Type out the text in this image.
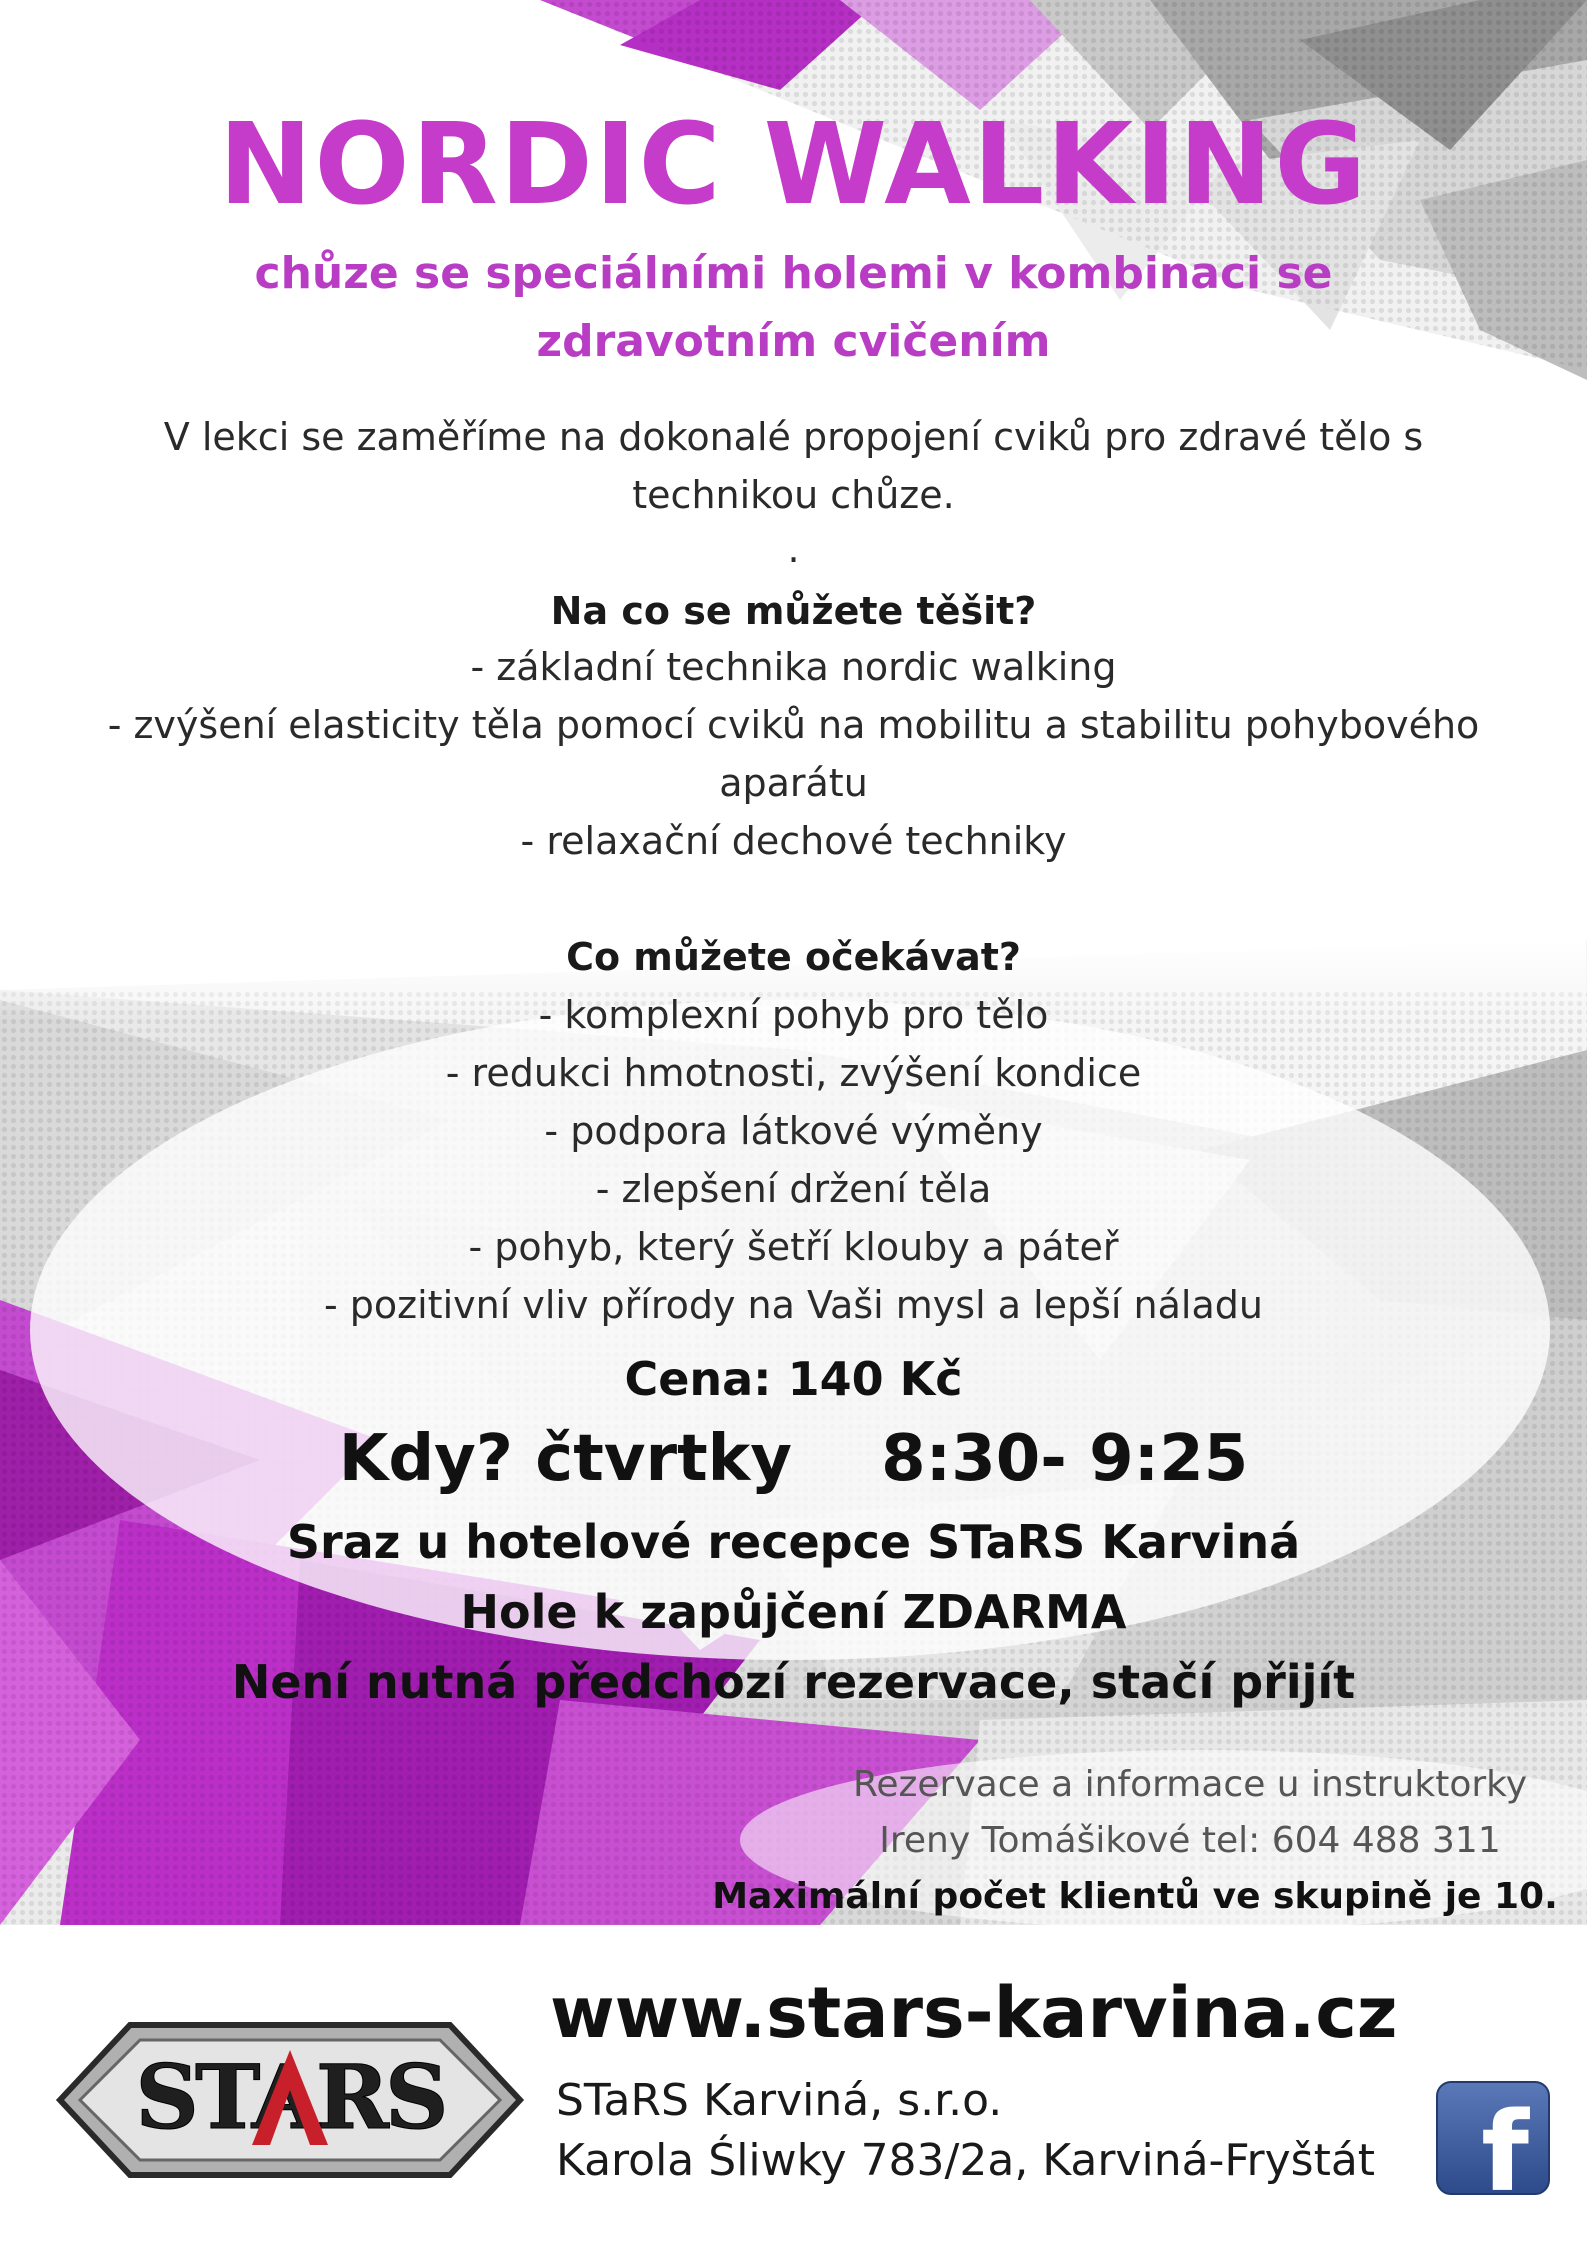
NORDIC WALKING
chůze se speciálními holemi v kombinaci se
zdravotním cvičením
V lekci se zaměříme na dokonalé propojení cviků pro zdravé tělo s
technikou chůze.
.
Na co se můžete těšit?
- základní technika nordic walking
- zvýšení elasticity těla pomocí cviků na mobilitu a stabilitu pohybového
aparátu
- relaxační dechové techniky
Co můžete očekávat?
- komplexní pohyb pro tělo
- redukci hmotnosti, zvýšení kondice
- podpora látkové výměny
- zlepšení držení těla
- pohyb, který šetří klouby a páteř
- pozitivní vliv přírody na Vaši mysl a lepší náladu
Cena: 140 Kč
Kdy? čtvrtky    8:30- 9:25
Sraz u hotelové recepce STaRS Karviná
Hole k zapůjčení ZDARMA
Není nutná předchozí rezervace, stačí přijít
Rezervace a informace u instruktorky
Ireny Tomášikové tel: 604 488 311
Maximální počet klientů ve skupině je 10.
STARS
www.stars-karvina.cz
STaRS Karviná, s.r.o.
Karola Śliwky 783/2a, Karviná-Fryštát f
